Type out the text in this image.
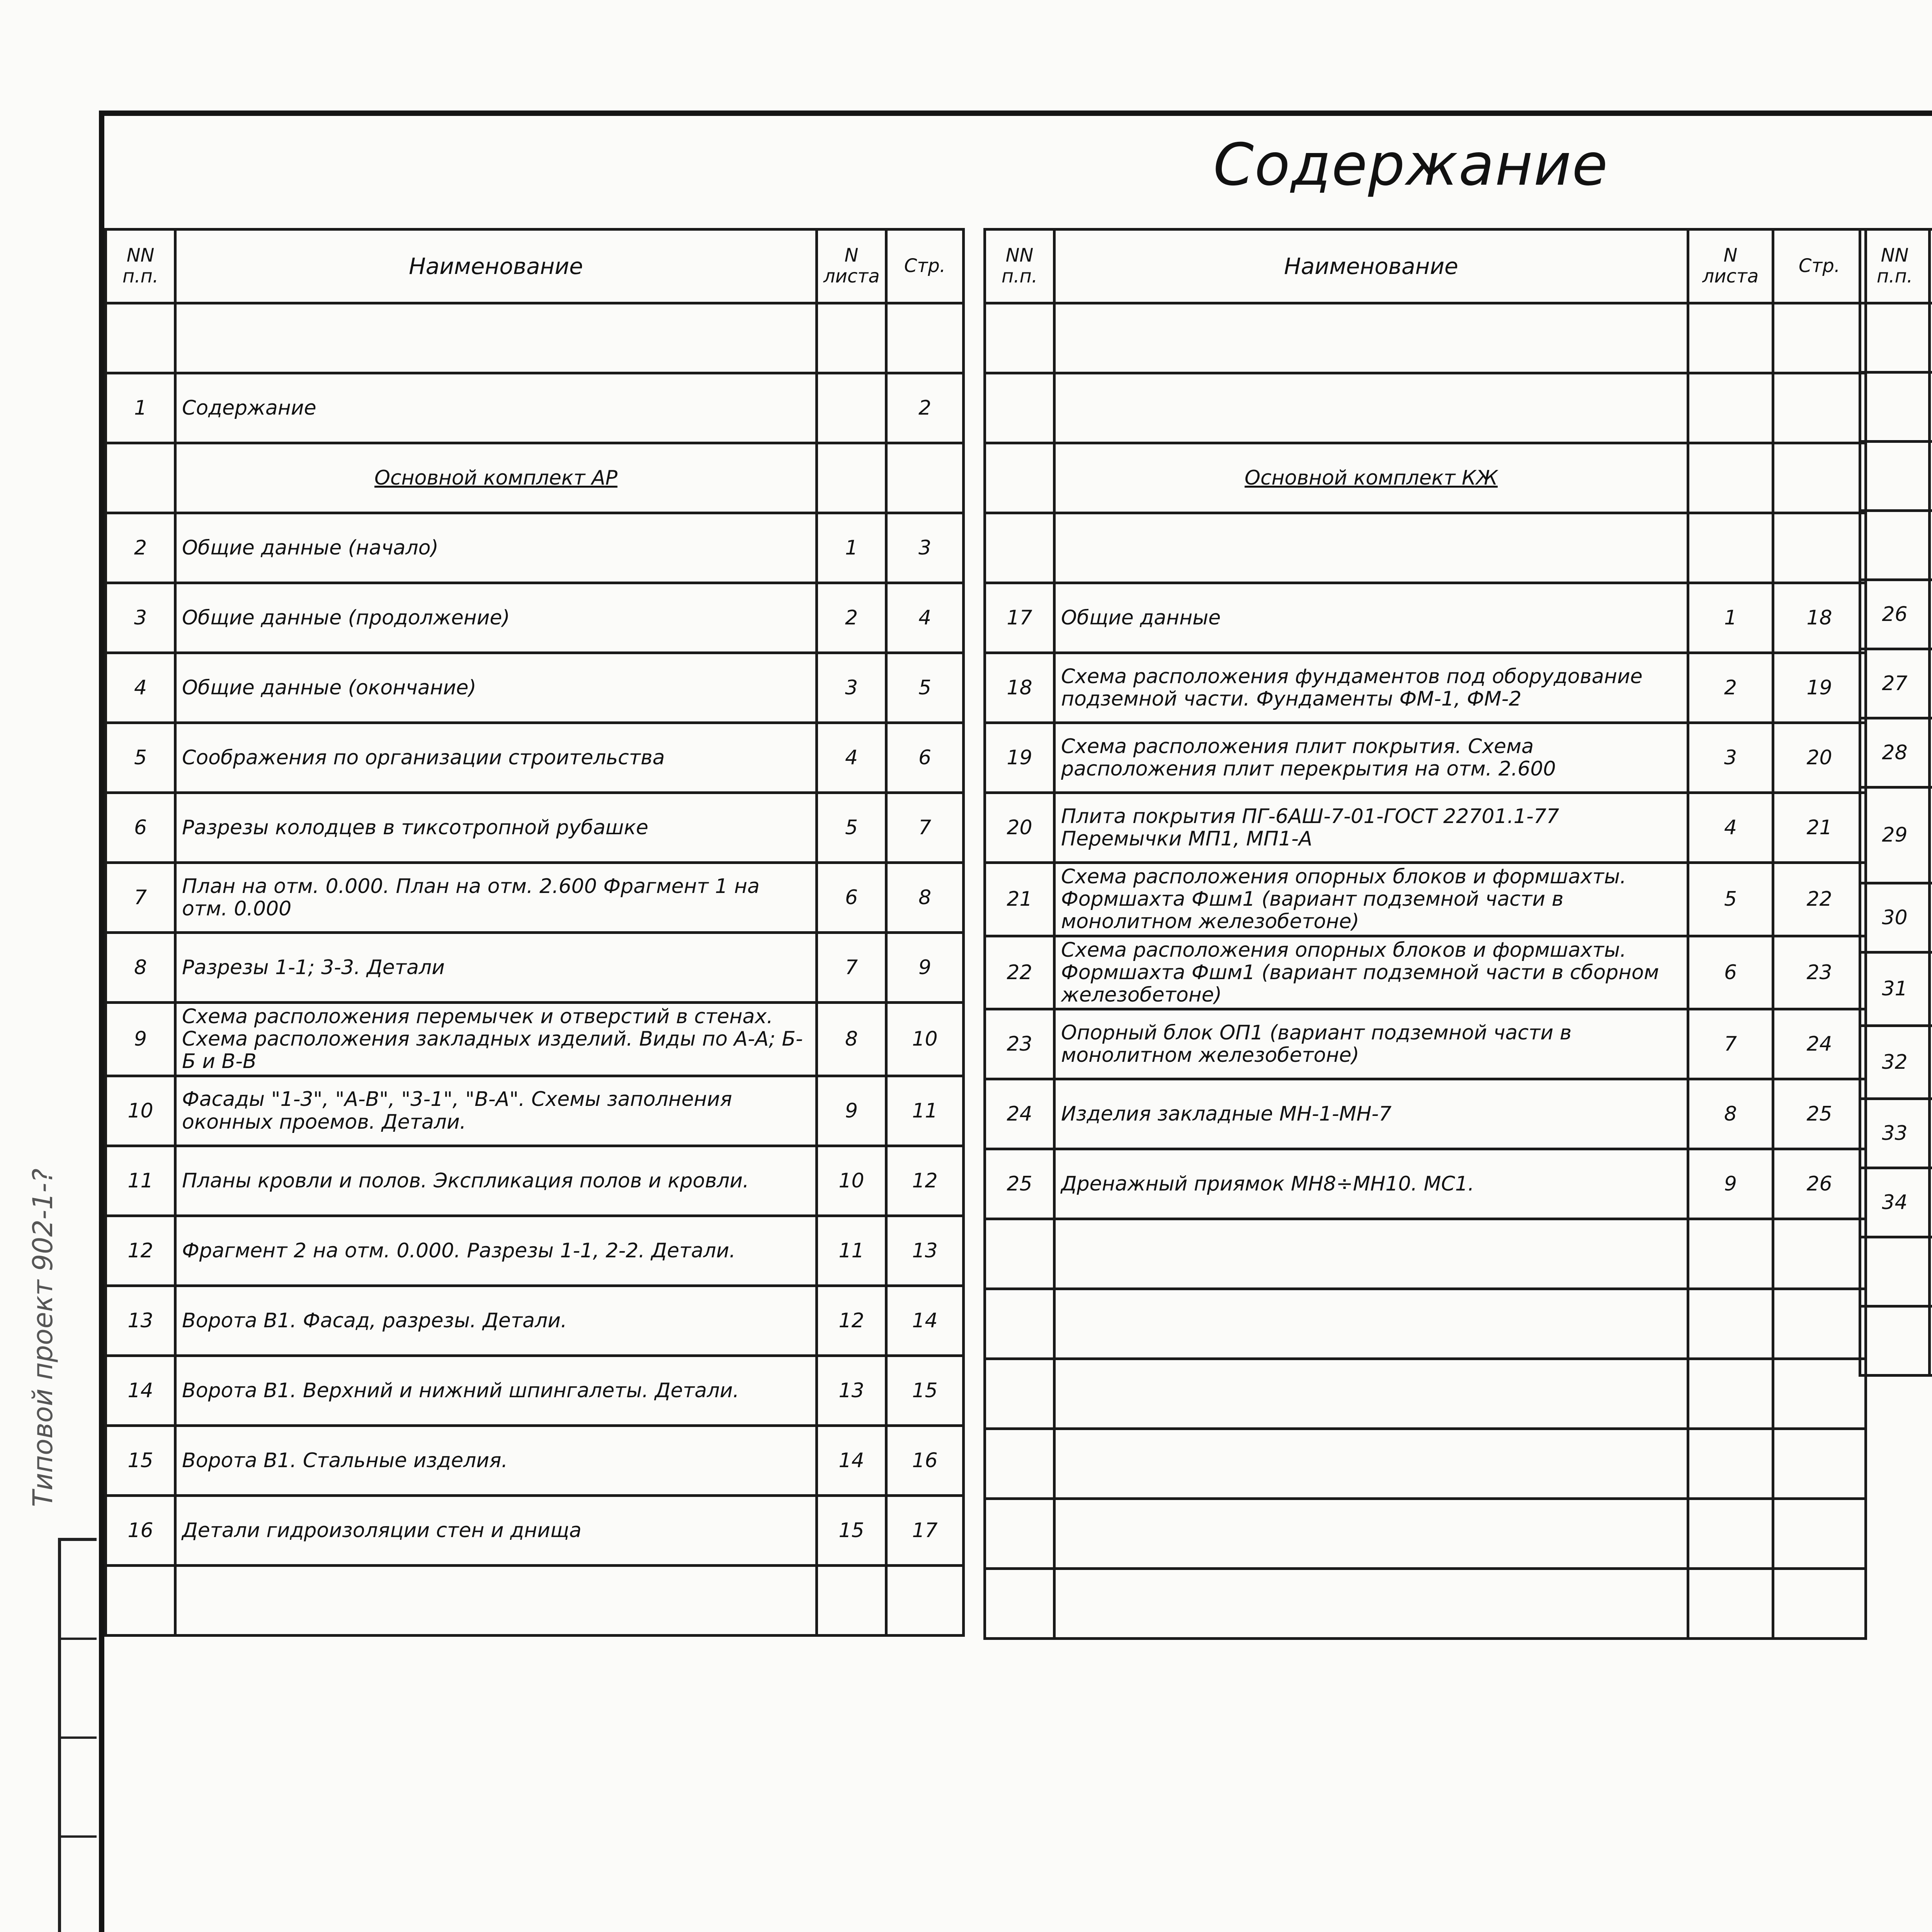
Содержание
Типовой проект 902-1-?
NN п.п.	Наименование	N листа	Стр.

1	Содержание		2
	Основной комплект АР		
2	Общие данные (начало)	1	3
3	Общие данные (продолжение)	2	4
4	Общие данные (окончание)	3	5
5	Соображения по организации строительства	4	6
6	Разрезы колодцев в тиксотропной рубашке	5	7
7	План на отм. 0.000. План на отм. 2.600 Фрагмент 1 на отм. 0.000	6	8
8	Разрезы 1-1; 3-3. Детали	7	9
9	Схема расположения перемычек и отверстий в стенах. Схема расположения закладных изделий. Виды по А-А; Б-Б и В-В	8	10
10	Фасады "1-3", "А-В", "3-1", "В-А". Схемы заполнения оконных проемов. Детали.	9	11
11	Планы кровли и полов. Экспликация полов и кровли.	10	12
12	Фрагмент 2 на отм. 0.000. Разрезы 1-1, 2-2. Детали.	11	13
13	Ворота В1. Фасад, разрезы. Детали.	12	14
14	Ворота В1. Верхний и нижний шпингалеты. Детали.	13	15
15	Ворота В1. Стальные изделия.	14	16
16	Детали гидроизоляции стен и днища	15	17

NN п.п.	Наименование	N листа	Стр.

	Основной комплект КЖ		

17	Общие данные	1	18
18	Схема расположения фундаментов под оборудование подземной части. Фундаменты ФМ-1, ФМ-2	2	19
19	Схема расположения плит покрытия. Схема расположения плит перекрытия на отм. 2.600	3	20
20	Плита покрытия ПГ-6АШ-7-01-ГОСТ 22701.1-77 Перемычки МП1, МП1-А	4	21
21	Схема расположения опорных блоков и формшахты. Формшахта Фшм1 (вариант подземной части в монолитном железобетоне)	5	22
22	Схема расположения опорных блоков и формшахты. Формшахта Фшм1 (вариант подземной части в сборном железобетоне)	6	23
23	Опорный блок ОП1 (вариант подземной части в монолитном железобетоне)	7	24
24	Изделия закладные МН-1-МН-7	8	25
25	Дренажный приямок МН8÷МН10. МС1.	9	26

NN п.п.			

26			
27			
28			
29			
30			
31			
32			
33			
34			
